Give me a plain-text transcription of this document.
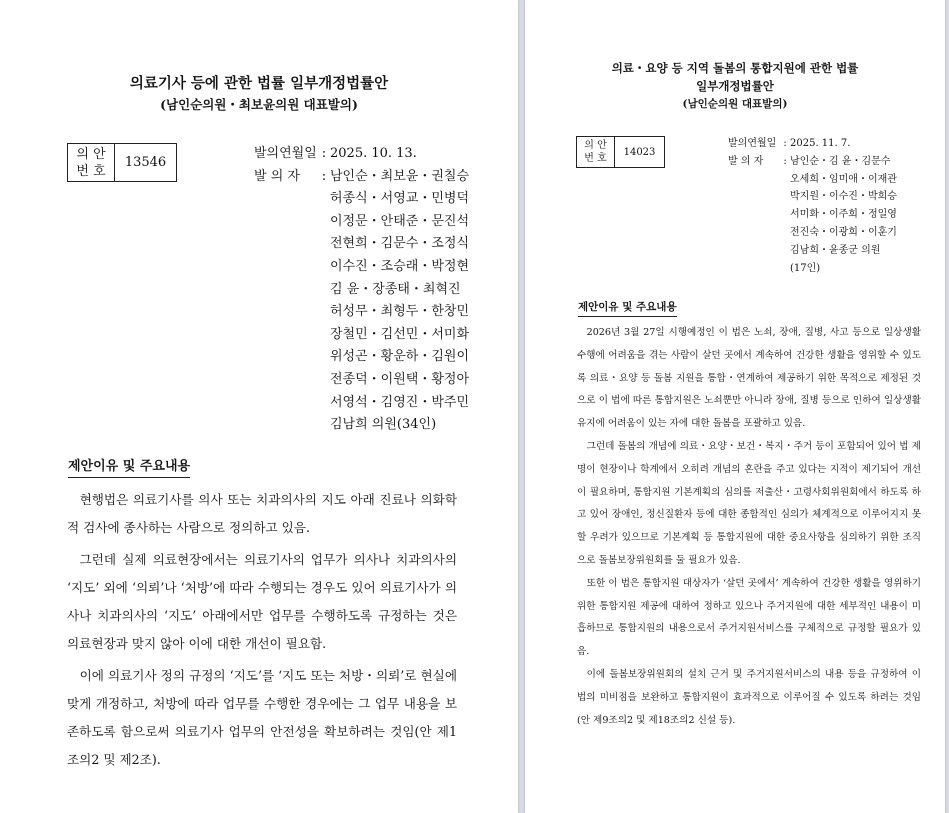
의료기사 등에 관한 법률 일부개정법률안
(남인순의원・최보윤의원 대표발의)
의 안
번 호
13546
발의연월일 : 2025. 10. 13.
발 의 자	: 남인순・최보윤・권칠승
허종식・서영교・민병덕
이정문・안태준・문진석
전현희・김문수・조정식
이수진・조승래・박정현
김 윤・장종태・최혁진
허성무・최형두・한창민
장철민・김선민・서미화
위성곤・황운하・김원이
전종덕・이원택・황정아
서영석・김영진・박주민
김남희 의원(34인)
제안이유 및 주요내용

현행법은 의료기사를 의사 또는 치과의사의 지도 아래 진료나 의화학적 검사에 종사하는 사람으로 정의하고 있음.

그런데 실제 의료현장에서는 의료기사의 업무가 의사나 치과의사의 ‘지도’ 외에 ‘의뢰’나 ‘처방’에 따라 수행되는 경우도 있어 의료기사가 의사나 치과의사의 ‘지도’ 아래에서만 업무를 수행하도록 규정하는 것은 의료현장과 맞지 않아 이에 대한 개선이 필요함.

이에 의료기사 정의 규정의 ‘지도’를 ‘지도 또는 처방・의뢰’로 현실에 맞게 개정하고, 처방에 따라 업무를 수행한 경우에는 그 업무 내용을 보존하도록 함으로써 의료기사 업무의 안전성을 확보하려는 것임(안 제1조의2 및 제2조).

의료・요양 등 지역 돌봄의 통합지원에 관한 법률
일부개정법률안
(남인순의원 대표발의)
의 안
번 호
14023
발의연월일 : 2025. 11. 7.
발 의 자	: 남인순・김 윤・김문수
오세희・임미애・이재관
박지원・이수진・박희승
서미화・이주희・정일영
전진숙・이광희・이훈기
김남희・윤종군 의원
(17인)
제안이유 및 주요내용

2026년 3월 27일 시행예정인 이 법은 노쇠, 장애, 질병, 사고 등으로 일상생활 수행에 어려움을 겪는 사람이 살던 곳에서 계속하여 건강한 생활을 영위할 수 있도록 의료・요양 등 돌봄 지원을 통합・연계하여 제공하기 위한 목적으로 제정된 것으로 이 법에 따른 통합지원은 노쇠뿐만 아니라 장애, 질병 등으로 인하여 일상생활 유지에 어려움이 있는 자에 대한 돌봄을 포괄하고 있음.

그런데 돌봄의 개념에 의료・요양・보건・복지・주거 등이 포함되어 있어 법 제명이 현장이나 학계에서 오히려 개념의 혼란을 주고 있다는 지적이 제기되어 개선이 필요하며, 통합지원 기본계획의 심의를 저출산・고령사회위원회에서 하도록 하고 있어 장애인, 정신질환자 등에 대한 종합적인 심의가 체계적으로 이루어지지 못할 우려가 있으므로 기본계획 등 통합지원에 대한 중요사항을 심의하기 위한 조직으로 돌봄보장위원회를 둘 필요가 있음.

또한 이 법은 통합지원 대상자가 ‘살던 곳에서’ 계속하여 건강한 생활을 영위하기 위한 통합지원 제공에 대하여 정하고 있으나 주거지원에 대한 세부적인 내용이 미흡하므로 통합지원의 내용으로서 주거지원서비스를 구체적으로 규정할 필요가 있음.

이에 돌봄보장위원회의 설치 근거 및 주거지원서비스의 내용 등을 규정하여 이 법의 미비점을 보완하고 통합지원이 효과적으로 이루어질 수 있도록 하려는 것임(안 제9조의2 및 제18조의2 신설 등).
